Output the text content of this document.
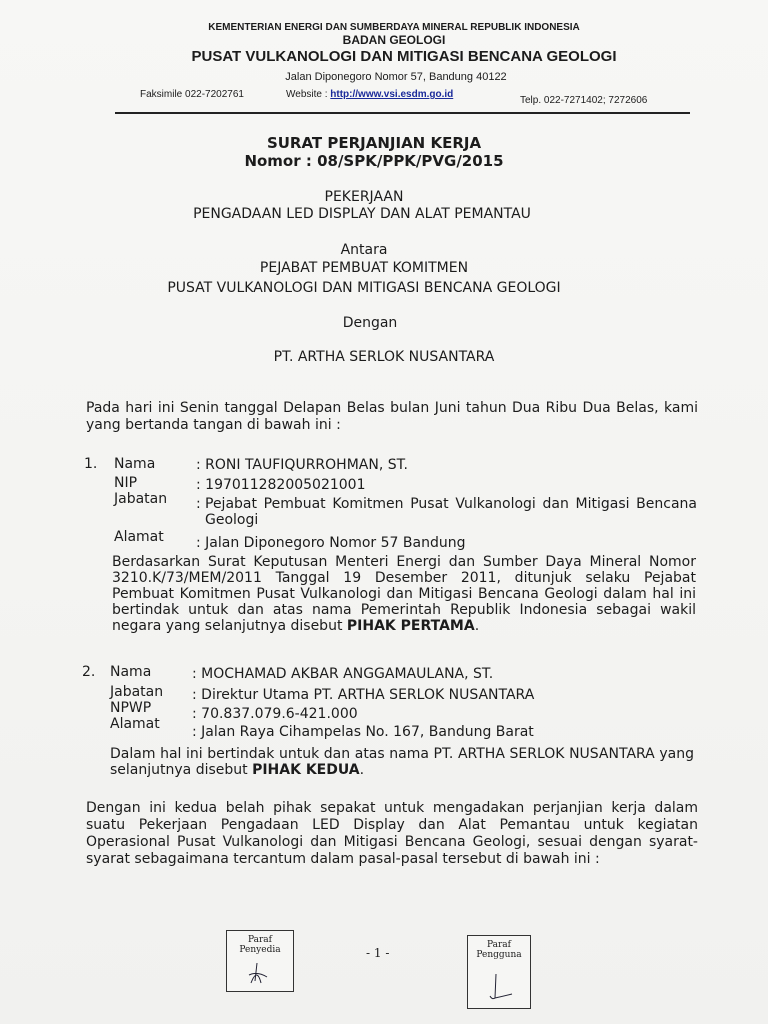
KEMENTERIAN ENERGI DAN SUMBERDAYA MINERAL REPUBLIK INDONESIA
BADAN GEOLOGI
PUSAT VULKANOLOGI DAN MITIGASI BENCANA GEOLOGI
Jalan Diponegoro Nomor 57, Bandung 40122
Faksimile 022-7202761	Website : http://www.vsi.esdm.go.id
Telp. 022-7271402; 7272606
SURAT PERJANJIAN KERJA
Nomor : 08/SPK/PPK/PVG/2015
PEKERJAAN
PENGADAAN LED DISPLAY DAN ALAT PEMANTAU
Antara
PEJABAT PEMBUAT KOMITMEN
PUSAT VULKANOLOGI DAN MITIGASI BENCANA GEOLOGI
Dengan
PT. ARTHA SERLOK NUSANTARA
Pada hari ini Senin tanggal Delapan Belas bulan Juni tahun Dua Ribu Dua Belas, kami yang bertanda tangan di bawah ini :
1. Nama	: RONI TAUFIQURROHMAN, ST.
NIP	: 197011282005021001
Jabatan : Pejabat Pembuat Komitmen Pusat Vulkanologi dan Mitigasi Bencana Geologi
Alamat : Jalan Diponegoro Nomor 57 Bandung
Berdasarkan Surat Keputusan Menteri Energi dan Sumber Daya Mineral Nomor 3210.K/73/MEM/2011 Tanggal 19 Desember 2011, ditunjuk selaku Pejabat Pembuat Komitmen Pusat Vulkanologi dan Mitigasi Bencana Geologi dalam hal ini bertindak untuk dan atas nama Pemerintah Republik Indonesia sebagai wakil negara yang selanjutnya disebut PIHAK PERTAMA.
2. Nama	: MOCHAMAD AKBAR ANGGAMAULANA, ST.
Jabatan : Direktur Utama PT. ARTHA SERLOK NUSANTARA
NPWP	: 70.837.079.6-421.000
Alamat : Jalan Raya Cihampelas No. 167, Bandung Barat
Dalam hal ini bertindak untuk dan atas nama PT. ARTHA SERLOK NUSANTARA yang selanjutnya disebut PIHAK KEDUA.
Dengan ini kedua belah pihak sepakat untuk mengadakan perjanjian kerja dalam suatu Pekerjaan Pengadaan LED Display dan Alat Pemantau untuk kegiatan Operasional Pusat Vulkanologi dan Mitigasi Bencana Geologi, sesuai dengan syarat-syarat sebagaimana tercantum dalam pasal-pasal tersebut di bawah ini :
Paraf
Penyedia	- 1 -
Paraf
Pengguna
